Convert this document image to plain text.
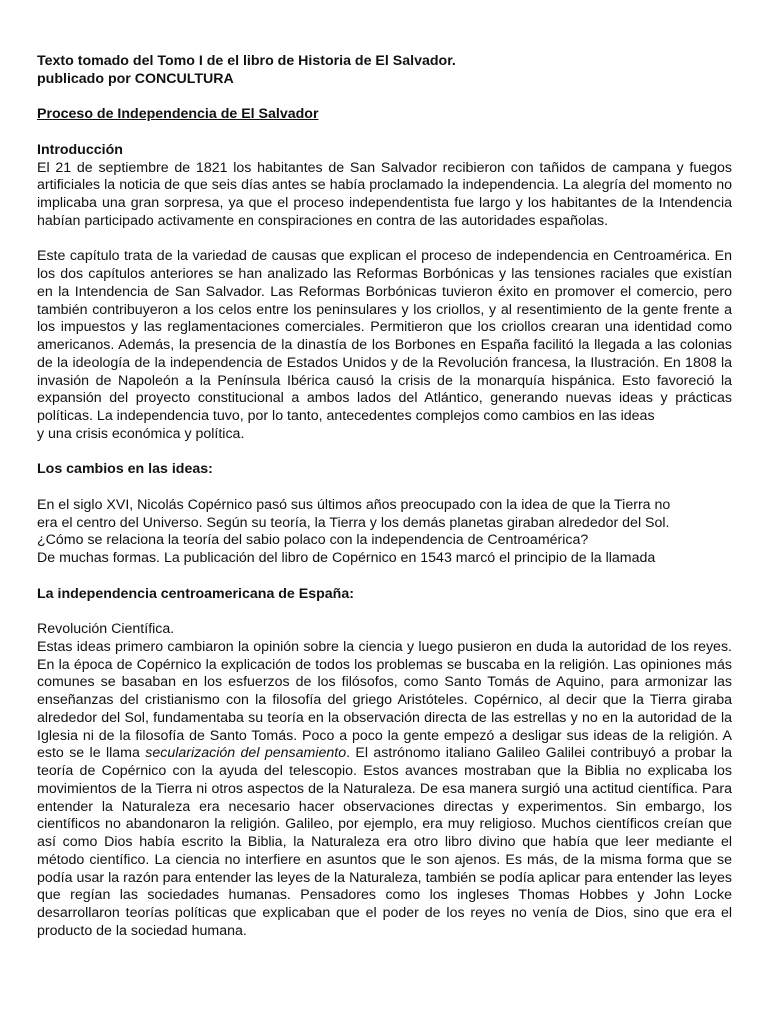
Texto tomado del Tomo I de el libro de Historia de El Salvador.

publicado por CONCULTURA

Proceso de Independencia de El Salvador

Introducción

El 21 de septiembre de 1821 los habitantes de San Salvador recibieron con tañidos de campana y fuegos artificiales la noticia de que seis días antes se había proclamado la independencia. La alegría del momento no implicaba una gran sorpresa, ya que el proceso independentista fue largo y los habitantes de la Intendencia habían participado activamente en conspiraciones en contra de las autoridades españolas.

Este capítulo trata de la variedad de causas que explican el proceso de independencia en Centroamérica. En los dos capítulos anteriores se han analizado las Reformas Borbónicas y las tensiones raciales que existían en la Intendencia de San Salvador. Las Reformas Borbónicas tuvieron éxito en promover el comercio, pero también contribuyeron a los celos entre los peninsulares y los criollos, y al resentimiento de la gente frente a los impuestos y las reglamentaciones comerciales. Permitieron que los criollos crearan una identidad como americanos. Además, la presencia de la dinastía de los Borbones en España facilitó la llegada a las colonias de la ideología de la independencia de Estados Unidos y de la Revolución francesa, la Ilustración. En 1808 la invasión de Napoleón a la Península Ibérica causó la crisis de la monarquía hispánica. Esto favoreció la expansión del proyecto constitucional a ambos lados del Atlántico, generando nuevas ideas y prácticas políticas. La independencia tuvo, por lo tanto, antecedentes complejos como cambios en las ideas

y una crisis económica y política.

Los cambios en las ideas:

En el siglo XVI, Nicolás Copérnico pasó sus últimos años preocupado con la idea de que la Tierra no

era el centro del Universo. Según su teoría, la Tierra y los demás planetas giraban alrededor del Sol.

¿Cómo se relaciona la teoría del sabio polaco con la independencia de Centroamérica?

De muchas formas. La publicación del libro de Copérnico en 1543 marcó el principio de la llamada

La independencia centroamericana de España:

Revolución Científica.

Estas ideas primero cambiaron la opinión sobre la ciencia y luego pusieron en duda la autoridad de los reyes. En la época de Copérnico la explicación de todos los problemas se buscaba en la religión. Las opiniones más comunes se basaban en los esfuerzos de los filósofos, como Santo Tomás de Aquino, para armonizar las enseñanzas del cristianismo con la filosofía del griego Aristóteles. Copérnico, al decir que la Tierra giraba alrededor del Sol, fundamentaba su teoría en la observación directa de las estrellas y no en la autoridad de la Iglesia ni de la filosofía de Santo Tomás. Poco a poco la gente empezó a desligar sus ideas de la religión. A esto se le llama secularización del pensamiento. El astrónomo italiano Galileo Galilei contribuyó a probar la teoría de Copérnico con la ayuda del telescopio. Estos avances mostraban que la Biblia no explicaba los movimientos de la Tierra ni otros aspectos de la Naturaleza. De esa manera surgió una actitud científica. Para entender la Naturaleza era necesario hacer observaciones directas y experimentos. Sin embargo, los científicos no abandonaron la religión. Galileo, por ejemplo, era muy religioso. Muchos científicos creían que así como Dios había escrito la Biblia, la Naturaleza era otro libro divino que había que leer mediante el método científico. La ciencia no interfiere en asuntos que le son ajenos. Es más, de la misma forma que se podía usar la razón para entender las leyes de la Naturaleza, también se podía aplicar para entender las leyes que regían las sociedades humanas. Pensadores como los ingleses Thomas Hobbes y John Locke desarrollaron teorías políticas que explicaban que el poder de los reyes no venía de Dios, sino que era el producto de la sociedad humana.
